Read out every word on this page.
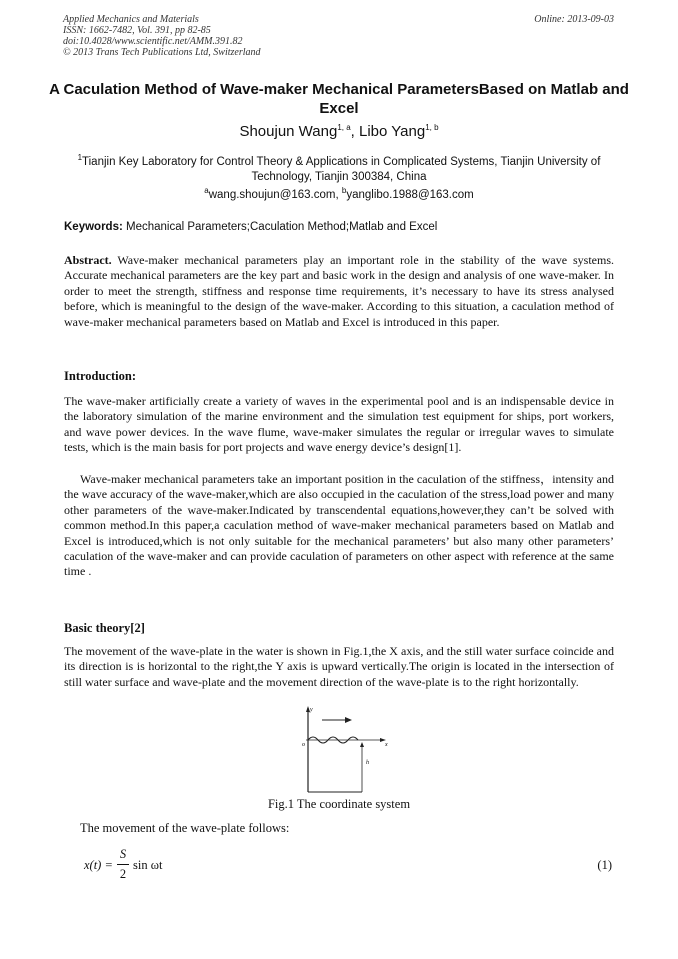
Applied Mechanics and Materials
ISSN: 1662-7482, Vol. 391, pp 82-85
doi:10.4028/www.scientific.net/AMM.391.82
© 2013 Trans Tech Publications Ltd, Switzerland
Online: 2013-09-03
A Caculation Method of Wave-maker Mechanical ParametersBased on Matlab and Excel
Shoujun Wang$^{1, a}$, Libo Yang$^{1, b}$
$^1$Tianjin Key Laboratory for Control Theory & Applications in Complicated Systems, Tianjin University of Technology, Tianjin 300384, China
$^a$wang.shoujun@163.com, $^b$yanglibo.1988@163.com
Keywords: Mechanical Parameters;Caculation Method;Matlab and Excel
Abstract. Wave-maker mechanical parameters play an important role in the stability of the wave systems. Accurate mechanical parameters are the key part and basic work in the design and analysis of one wave-maker. In order to meet the strength, stiffness and response time requirements, it’s necessary to have its stress analysed before, which is meaningful to the design of the wave-maker. According to this situation, a caculation method of wave-maker mechanical parameters based on Matlab and Excel is introduced in this paper.
Introduction:
The wave-maker artificially create a variety of waves in the experimental pool and is an indispensable device in the laboratory simulation of the marine environment and the simulation test equipment for ships, port workers, and wave power devices. In the wave flume, wave-maker simulates the regular or irregular waves to simulate tests, which is the main basis for port projects and wave energy device’s design[1].
Wave-maker mechanical parameters take an important position in the caculation of the stiffness，intensity and the wave accuracy of the wave-maker,which are also occupied in the caculation of the stress,load power and many other parameters of the wave-maker.Indicated by transcendental equations,however,they can’t be solved with common method.In this paper,a caculation method of wave-maker mechanical parameters based on Matlab and Excel is introduced,which is not only suitable for the mechanical parameters’ but also many other parameters’ caculation of the wave-maker and can provide caculation of parameters on other aspect with reference at the same time .
Basic theory[2]
The movement of the wave-plate in the water is shown in Fig.1,the X axis, and the still water surface coincide and its direction is is horizontal to the right,the Y axis is upward vertically.The origin is located in the intersection of still water surface and wave-plate and the movement direction of the wave-plate is to the right horizontally.
y
x
o
h
Fig.1 The coordinate system
The movement of the wave-plate follows:
x(t) =
S
2
sin ωt	(1)
